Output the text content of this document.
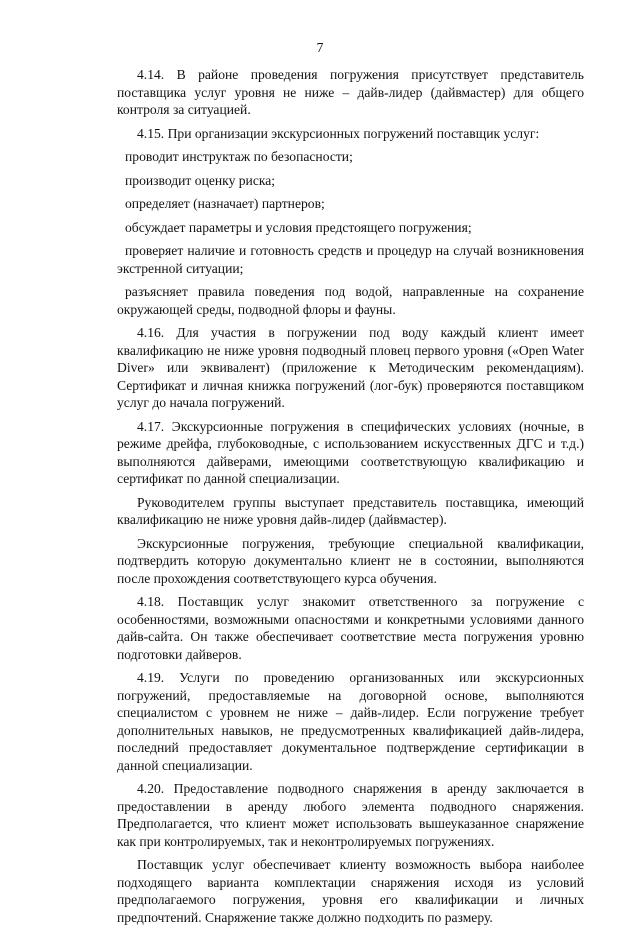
7

4.14. В районе проведения погружения присутствует представитель поставщика услуг уровня не ниже – дайв-лидер (дайвмастер) для общего контроля за ситуацией.

4.15. При организации экскурсионных погружений поставщик услуг:

проводит инструктаж по безопасности;

производит оценку риска;

определяет (назначает) партнеров;

обсуждает параметры и условия предстоящего погружения;

проверяет наличие и готовность средств и процедур на случай возникновения экстренной ситуации;

разъясняет правила поведения под водой, направленные на сохранение окружающей среды, подводной флоры и фауны.

4.16. Для участия в погружении под воду каждый клиент имеет квалификацию не ниже уровня подводный пловец первого уровня («Open Water Diver» или эквивалент) (приложение к Методическим рекомендациям). Сертификат и личная книжка погружений (лог-бук) проверяются поставщиком услуг до начала погружений.

4.17. Экскурсионные погружения в специфических условиях (ночные, в режиме дрейфа, глубоководные, с использованием искусственных ДГС и т.д.) выполняются дайверами, имеющими соответствующую квалификацию и сертификат по данной специализации.

Руководителем группы выступает представитель поставщика, имеющий квалификацию не ниже уровня дайв-лидер (дайвмастер).

Экскурсионные погружения, требующие специальной квалификации, подтвердить которую документально клиент не в состоянии, выполняются после прохождения соответствующего курса обучения.

4.18. Поставщик услуг знакомит ответственного за погружение с особенностями, возможными опасностями и конкретными условиями данного дайв-сайта. Он также обеспечивает соответствие места погружения уровню подготовки дайверов.

4.19. Услуги по проведению организованных или экскурсионных погружений, предоставляемые на договорной основе, выполняются специалистом с уровнем не ниже – дайв-лидер. Если погружение требует дополнительных навыков, не предусмотренных квалификацией дайв-лидера, последний предоставляет документальное подтверждение сертификации в данной специализации.

4.20. Предоставление подводного снаряжения в аренду заключается в предоставлении в аренду любого элемента подводного снаряжения. Предполагается, что клиент может использовать вышеуказанное снаряжение как при контролируемых, так и неконтролируемых погружениях.

Поставщик услуг обеспечивает клиенту возможность выбора наиболее подходящего варианта комплектации снаряжения исходя из условий предполагаемого погружения, уровня его квалификации и личных предпочтений. Снаряжение также должно подходить по размеру.
